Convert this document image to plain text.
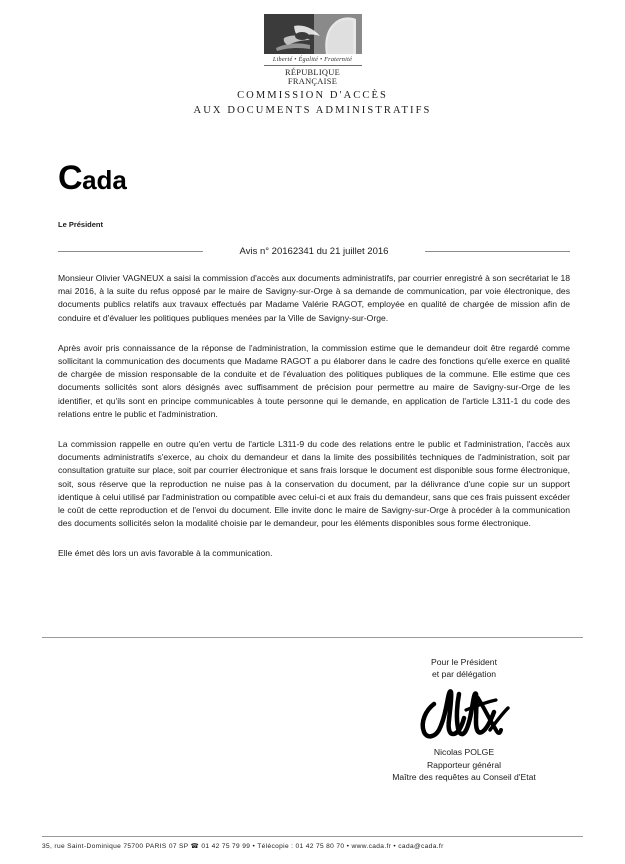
Liberté • Égalité • Fraternité
RÉPUBLIQUE FRANÇAISE
COMMISSION D'ACCÈS
AUX DOCUMENTS ADMINISTRATIFS
Cada
Le Président
Avis n° 20162341 du 21 juillet 2016

Monsieur Olivier VAGNEUX a saisi la commission d'accès aux documents administratifs, par courrier enregistré à son secrétariat le 18 mai 2016, à la suite du refus opposé par le maire de Savigny-sur-Orge à sa demande de communication, par voie électronique, des documents publics relatifs aux travaux effectués par Madame Valérie RAGOT, employée en qualité de chargée de mission afin de conduire et d'évaluer les politiques publiques menées par la Ville de Savigny-sur-Orge.

Après avoir pris connaissance de la réponse de l'administration, la commission estime que le demandeur doit être regardé comme sollicitant la communication des documents que Madame RAGOT a pu élaborer dans le cadre des fonctions qu'elle exerce en qualité de chargée de mission responsable de la conduite et de l'évaluation des politiques publiques de la commune. Elle estime que ces documents sollicités sont alors désignés avec suffisamment de précision pour permettre au maire de Savigny-sur-Orge de les identifier, et qu'ils sont en principe communicables à toute personne qui le demande, en application de l'article L311-1 du code des relations entre le public et l'administration.

La commission rappelle en outre qu'en vertu de l'article L311-9 du code des relations entre le public et l'administration, l'accès aux documents administratifs s'exerce, au choix du demandeur et dans la limite des possibilités techniques de l'administration, soit par consultation gratuite sur place, soit par courrier électronique et sans frais lorsque le document est disponible sous forme électronique, soit, sous réserve que la reproduction ne nuise pas à la conservation du document, par la délivrance d'une copie sur un support identique à celui utilisé par l'administration ou compatible avec celui-ci et aux frais du demandeur, sans que ces frais puissent excéder le coût de cette reproduction et de l'envoi du document. Elle invite donc le maire de Savigny-sur-Orge à procéder à la communication des documents sollicités selon la modalité choisie par le demandeur, pour les éléments disponibles sous forme électronique.

Elle émet dès lors un avis favorable à la communication.

Pour le Président
et par délégation
Nicolas POLGE
Rapporteur général
Maître des requêtes au Conseil d'Etat
35, rue Saint-Dominique 75700 PARIS 07 SP ☎ 01 42 75 79 99 • Télécopie : 01 42 75 80 70 • www.cada.fr • cada@cada.fr
